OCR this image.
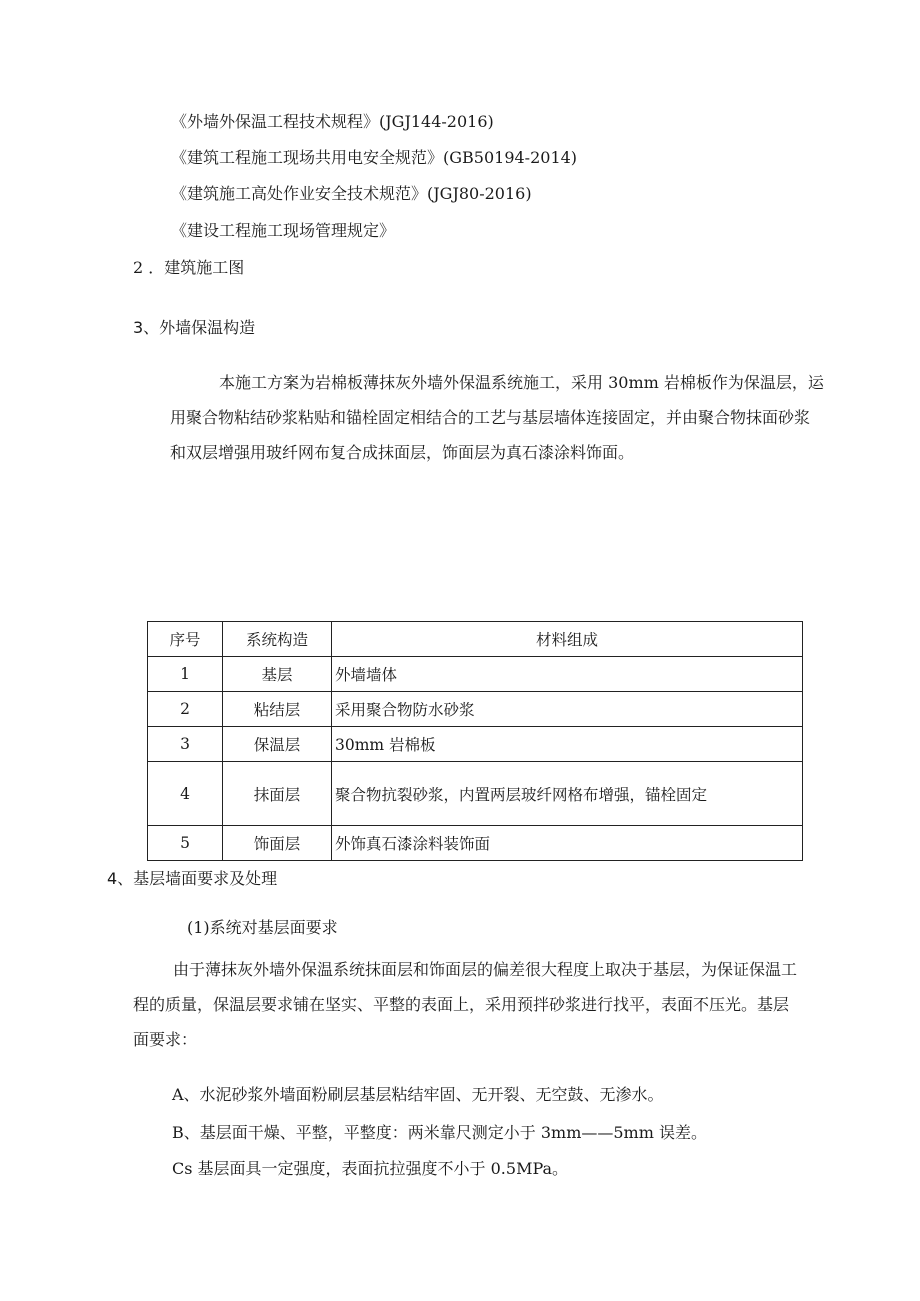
《外墙外保温工程技术规程》(JGJ144-2016)
《建筑工程施工现场共用电安全规范》(GB50194-2014)
《建筑施工高处作业安全技术规范》(JGJ80-2016)
《建设工程施工现场管理规定》
2 ．建筑施工图
3、外墙保温构造

本施工方案为岩棉板薄抹灰外墙外保温系统施工，采用 30mm 岩棉板作为保温层，运

用聚合物粘结砂浆粘贴和锚栓固定相结合的工艺与基层墙体连接固定，并由聚合物抹面砂浆

和双层增强用玻纤网布复合成抹面层，饰面层为真石漆涂料饰面。

序号	系统构造	材料组成
1	基层	外墙墙体
2	粘结层	采用聚合物防水砂浆
3	保温层	30mm 岩棉板
4	抹面层	聚合物抗裂砂浆，内置两层玻纤网格布增强，锚栓固定
5	饰面层	外饰真石漆涂料装饰面
4、基层墙面要求及处理
(1)系统对基层面要求

由于薄抹灰外墙外保温系统抹面层和饰面层的偏差很大程度上取决于基层，为保证保温工

程的质量，保温层要求铺在坚实、平整的表面上，采用预拌砂浆进行找平，表面不压光。基层

面要求：

A、水泥砂浆外墙面粉刷层基层粘结牢固、无开裂、无空鼓、无渗水。
B、基层面干燥、平整，平整度：两米靠尺测定小于 3mm——5mm 误差。
Cs 基层面具一定强度，表面抗拉强度不小于 0.5MPa。
